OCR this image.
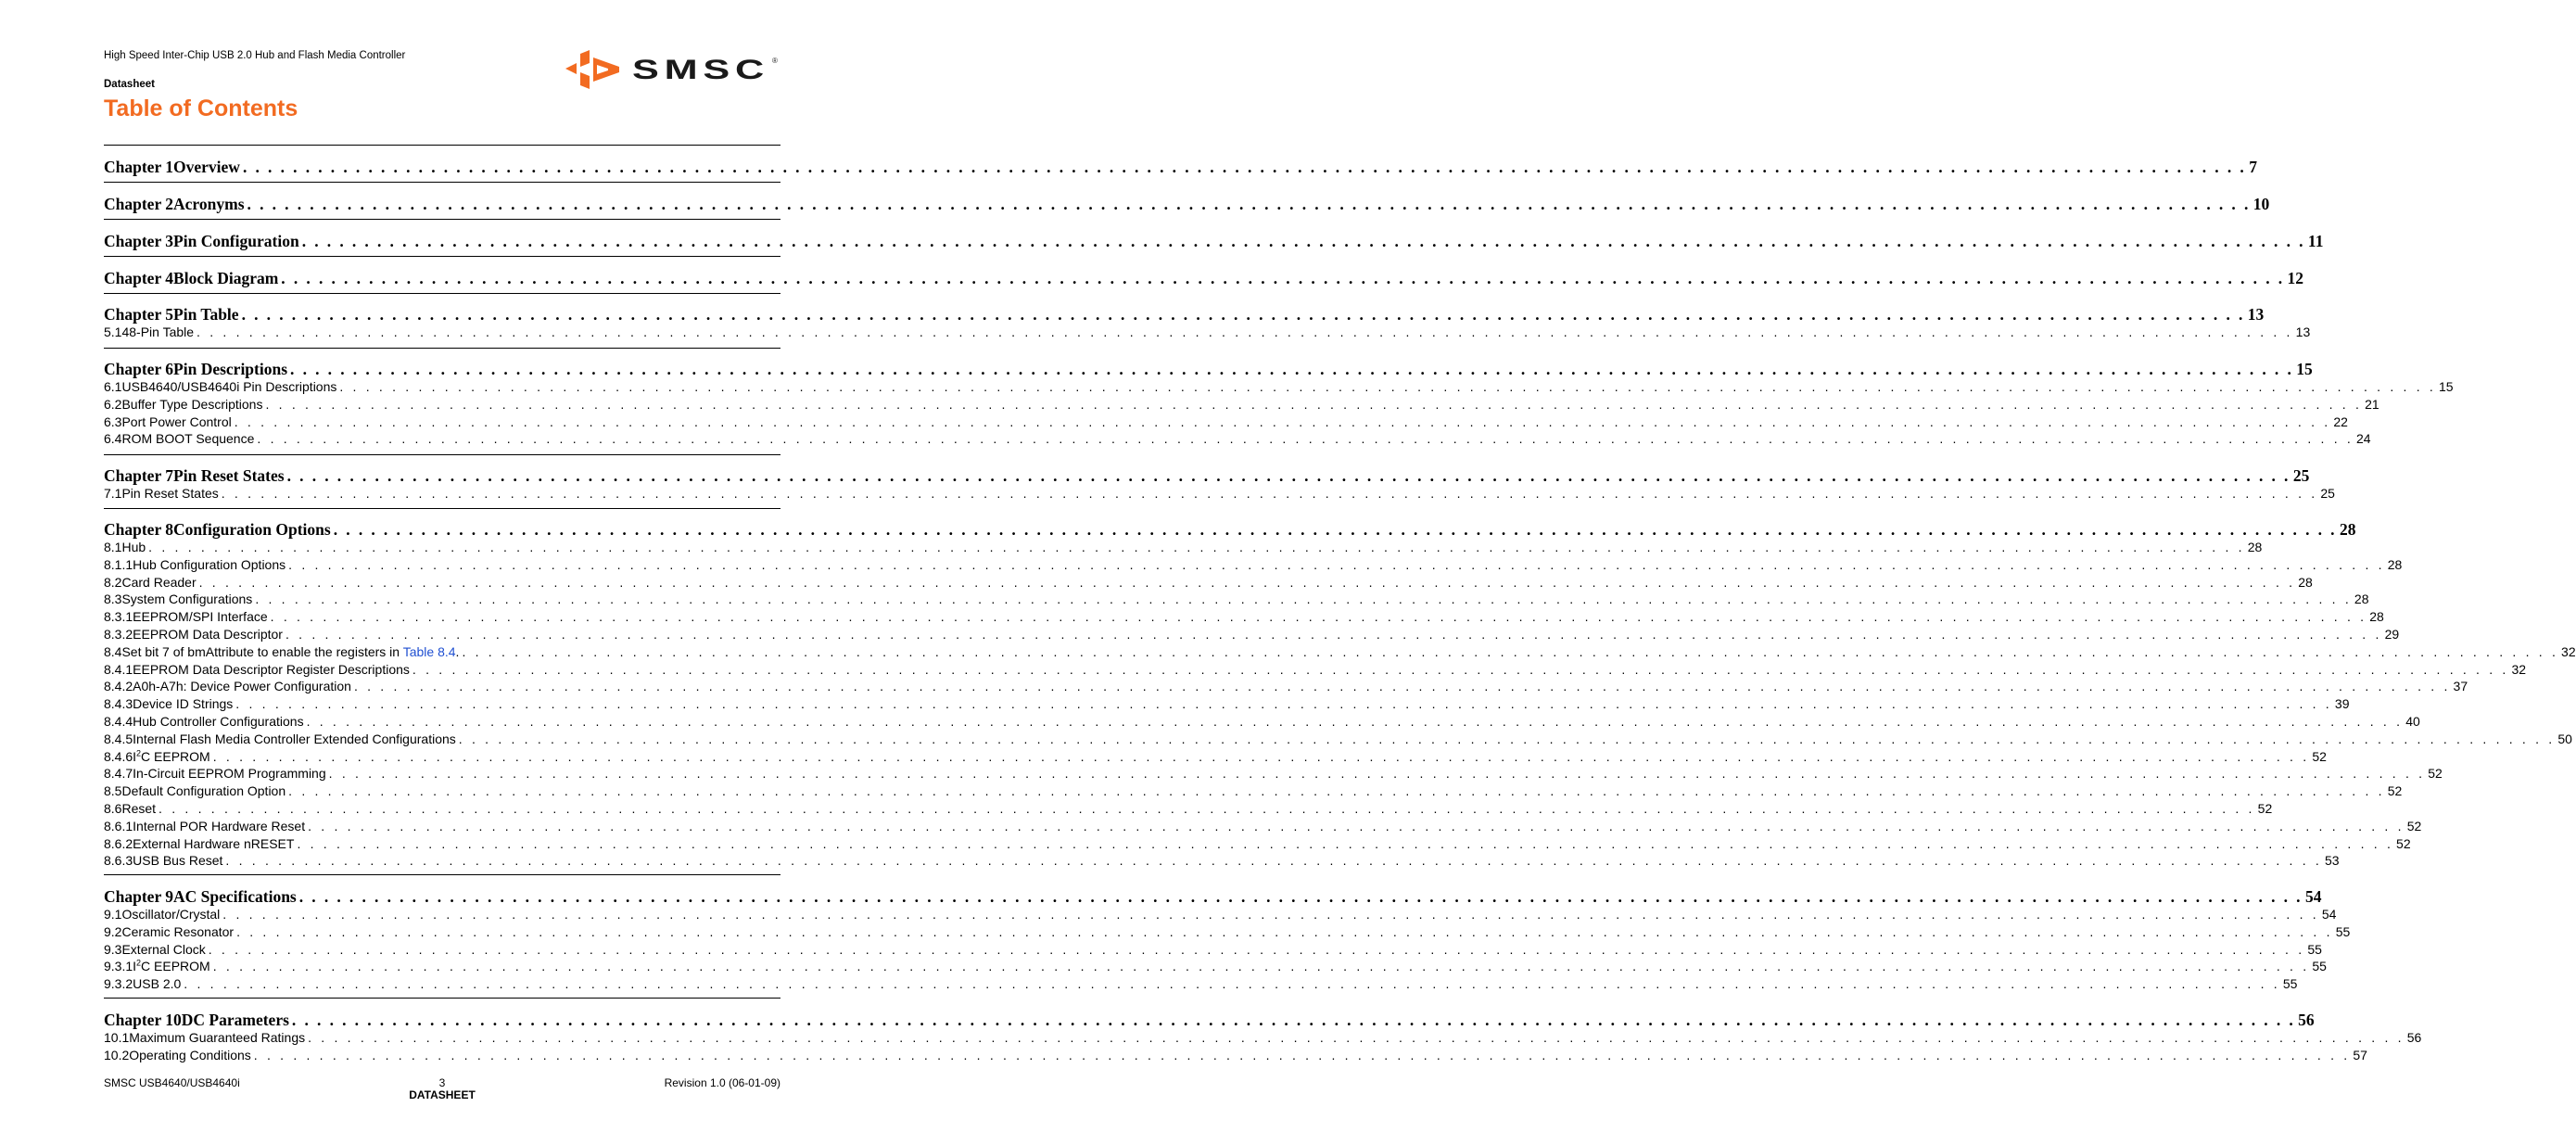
High Speed Inter-Chip USB 2.0 Hub and Flash Media Controller
Datasheet
Table of Contents
SMSC ®
Chapter 1 Overview . . . . . . . . . . . . . . . . . . . . . . . . . . . . . . . . . . . . . . . . . . . . . . . . . . . . . . . . . . . . . . . . . . . . . . . . . . . . . . . . . . . . . . . . . . . . . . . . . . . . . . . . . . . . . . . . . . . . . . . . . . . . . . . . . . . . . . . . . . . . . . . . . . . . . . . . . . . . . . . . 7
Chapter 2 Acronyms . . . . . . . . . . . . . . . . . . . . . . . . . . . . . . . . . . . . . . . . . . . . . . . . . . . . . . . . . . . . . . . . . . . . . . . . . . . . . . . . . . . . . . . . . . . . . . . . . . . . . . . . . . . . . . . . . . . . . . . . . . . . . . . . . . . . . . . . . . . . . . . . . . . . . . . . . . . . . . . . 10
Chapter 3 Pin Configuration . . . . . . . . . . . . . . . . . . . . . . . . . . . . . . . . . . . . . . . . . . . . . . . . . . . . . . . . . . . . . . . . . . . . . . . . . . . . . . . . . . . . . . . . . . . . . . . . . . . . . . . . . . . . . . . . . . . . . . . . . . . . . . . . . . . . . . . . . . . . . . . . . . . . . . . . . . . . . . . . 11
Chapter 4 Block Diagram . . . . . . . . . . . . . . . . . . . . . . . . . . . . . . . . . . . . . . . . . . . . . . . . . . . . . . . . . . . . . . . . . . . . . . . . . . . . . . . . . . . . . . . . . . . . . . . . . . . . . . . . . . . . . . . . . . . . . . . . . . . . . . . . . . . . . . . . . . . . . . . . . . . . . . . . . . . . . . . . 12
Chapter 5 Pin Table . . . . . . . . . . . . . . . . . . . . . . . . . . . . . . . . . . . . . . . . . . . . . . . . . . . . . . . . . . . . . . . . . . . . . . . . . . . . . . . . . . . . . . . . . . . . . . . . . . . . . . . . . . . . . . . . . . . . . . . . . . . . . . . . . . . . . . . . . . . . . . . . . . . . . . . . . . . . . . . . 13
5.1 48-Pin Table . . . . . . . . . . . . . . . . . . . . . . . . . . . . . . . . . . . . . . . . . . . . . . . . . . . . . . . . . . . . . . . . . . . . . . . . . . . . . . . . . . . . . . . . . . . . . . . . . . . . . . . . . . . . . . . . . . . . . . . . . . . . . . . . . . . . . . . . . . . . . . . . . . . . . . . . . . . . . . . . 13
Chapter 6 Pin Descriptions . . . . . . . . . . . . . . . . . . . . . . . . . . . . . . . . . . . . . . . . . . . . . . . . . . . . . . . . . . . . . . . . . . . . . . . . . . . . . . . . . . . . . . . . . . . . . . . . . . . . . . . . . . . . . . . . . . . . . . . . . . . . . . . . . . . . . . . . . . . . . . . . . . . . . . . . . . . . . . . . 15
6.1 USB4640/USB4640i Pin Descriptions . . . . . . . . . . . . . . . . . . . . . . . . . . . . . . . . . . . . . . . . . . . . . . . . . . . . . . . . . . . . . . . . . . . . . . . . . . . . . . . . . . . . . . . . . . . . . . . . . . . . . . . . . . . . . . . . . . . . . . . . . . . . . . . . . . . . . . . . . . . . . . . . . . . . . . . . . . . . . . . . 15
6.2 Buffer Type Descriptions . . . . . . . . . . . . . . . . . . . . . . . . . . . . . . . . . . . . . . . . . . . . . . . . . . . . . . . . . . . . . . . . . . . . . . . . . . . . . . . . . . . . . . . . . . . . . . . . . . . . . . . . . . . . . . . . . . . . . . . . . . . . . . . . . . . . . . . . . . . . . . . . . . . . . . . . . . . . . . . . 21
6.3 Port Power Control . . . . . . . . . . . . . . . . . . . . . . . . . . . . . . . . . . . . . . . . . . . . . . . . . . . . . . . . . . . . . . . . . . . . . . . . . . . . . . . . . . . . . . . . . . . . . . . . . . . . . . . . . . . . . . . . . . . . . . . . . . . . . . . . . . . . . . . . . . . . . . . . . . . . . . . . . . . . . . . . 22
6.4 ROM BOOT Sequence . . . . . . . . . . . . . . . . . . . . . . . . . . . . . . . . . . . . . . . . . . . . . . . . . . . . . . . . . . . . . . . . . . . . . . . . . . . . . . . . . . . . . . . . . . . . . . . . . . . . . . . . . . . . . . . . . . . . . . . . . . . . . . . . . . . . . . . . . . . . . . . . . . . . . . . . . . . . . . . . 24
Chapter 7 Pin Reset States . . . . . . . . . . . . . . . . . . . . . . . . . . . . . . . . . . . . . . . . . . . . . . . . . . . . . . . . . . . . . . . . . . . . . . . . . . . . . . . . . . . . . . . . . . . . . . . . . . . . . . . . . . . . . . . . . . . . . . . . . . . . . . . . . . . . . . . . . . . . . . . . . . . . . . . . . . . . . . . . 25
7.1 Pin Reset States . . . . . . . . . . . . . . . . . . . . . . . . . . . . . . . . . . . . . . . . . . . . . . . . . . . . . . . . . . . . . . . . . . . . . . . . . . . . . . . . . . . . . . . . . . . . . . . . . . . . . . . . . . . . . . . . . . . . . . . . . . . . . . . . . . . . . . . . . . . . . . . . . . . . . . . . . . . . . . . . 25
Chapter 8 Configuration Options . . . . . . . . . . . . . . . . . . . . . . . . . . . . . . . . . . . . . . . . . . . . . . . . . . . . . . . . . . . . . . . . . . . . . . . . . . . . . . . . . . . . . . . . . . . . . . . . . . . . . . . . . . . . . . . . . . . . . . . . . . . . . . . . . . . . . . . . . . . . . . . . . . . . . . . . . . . . . . . . 28
8.1 Hub . . . . . . . . . . . . . . . . . . . . . . . . . . . . . . . . . . . . . . . . . . . . . . . . . . . . . . . . . . . . . . . . . . . . . . . . . . . . . . . . . . . . . . . . . . . . . . . . . . . . . . . . . . . . . . . . . . . . . . . . . . . . . . . . . . . . . . . . . . . . . . . . . . . . . . . . . . . . . . . . 28
8.1.1 Hub Configuration Options . . . . . . . . . . . . . . . . . . . . . . . . . . . . . . . . . . . . . . . . . . . . . . . . . . . . . . . . . . . . . . . . . . . . . . . . . . . . . . . . . . . . . . . . . . . . . . . . . . . . . . . . . . . . . . . . . . . . . . . . . . . . . . . . . . . . . . . . . . . . . . . . . . . . . . . . . . . . . . . . 28
8.2 Card Reader . . . . . . . . . . . . . . . . . . . . . . . . . . . . . . . . . . . . . . . . . . . . . . . . . . . . . . . . . . . . . . . . . . . . . . . . . . . . . . . . . . . . . . . . . . . . . . . . . . . . . . . . . . . . . . . . . . . . . . . . . . . . . . . . . . . . . . . . . . . . . . . . . . . . . . . . . . . . . . . . 28
8.3 System Configurations . . . . . . . . . . . . . . . . . . . . . . . . . . . . . . . . . . . . . . . . . . . . . . . . . . . . . . . . . . . . . . . . . . . . . . . . . . . . . . . . . . . . . . . . . . . . . . . . . . . . . . . . . . . . . . . . . . . . . . . . . . . . . . . . . . . . . . . . . . . . . . . . . . . . . . . . . . . . . . . . 28
8.3.1 EEPROM/SPI Interface . . . . . . . . . . . . . . . . . . . . . . . . . . . . . . . . . . . . . . . . . . . . . . . . . . . . . . . . . . . . . . . . . . . . . . . . . . . . . . . . . . . . . . . . . . . . . . . . . . . . . . . . . . . . . . . . . . . . . . . . . . . . . . . . . . . . . . . . . . . . . . . . . . . . . . . . . . . . . . . . 28
8.3.2 EEPROM Data Descriptor . . . . . . . . . . . . . . . . . . . . . . . . . . . . . . . . . . . . . . . . . . . . . . . . . . . . . . . . . . . . . . . . . . . . . . . . . . . . . . . . . . . . . . . . . . . . . . . . . . . . . . . . . . . . . . . . . . . . . . . . . . . . . . . . . . . . . . . . . . . . . . . . . . . . . . . . . . . . . . . . 29
8.4 Set bit 7 of bmAttribute to enable the registers in Table 8.4. . . . . . . . . . . . . . . . . . . . . . . . . . . . . . . . . . . . . . . . . . . . . . . . . . . . . . . . . . . . . . . . . . . . . . . . . . . . . . . . . . . . . . . . . . . . . . . . . . . . . . . . . . . . . . . . . . . . . . . . . . . . . . . . . . . . . . . . . . . . . . . . . . . . . . . . . . . . . . . . . 32
8.4.1 EEPROM Data Descriptor Register Descriptions . . . . . . . . . . . . . . . . . . . . . . . . . . . . . . . . . . . . . . . . . . . . . . . . . . . . . . . . . . . . . . . . . . . . . . . . . . . . . . . . . . . . . . . . . . . . . . . . . . . . . . . . . . . . . . . . . . . . . . . . . . . . . . . . . . . . . . . . . . . . . . . . . . . . . . . . . . . . . . . . 32
8.4.2 A0h-A7h: Device Power Configuration . . . . . . . . . . . . . . . . . . . . . . . . . . . . . . . . . . . . . . . . . . . . . . . . . . . . . . . . . . . . . . . . . . . . . . . . . . . . . . . . . . . . . . . . . . . . . . . . . . . . . . . . . . . . . . . . . . . . . . . . . . . . . . . . . . . . . . . . . . . . . . . . . . . . . . . . . . . . . . . . 37
8.4.3 Device ID Strings . . . . . . . . . . . . . . . . . . . . . . . . . . . . . . . . . . . . . . . . . . . . . . . . . . . . . . . . . . . . . . . . . . . . . . . . . . . . . . . . . . . . . . . . . . . . . . . . . . . . . . . . . . . . . . . . . . . . . . . . . . . . . . . . . . . . . . . . . . . . . . . . . . . . . . . . . . . . . . . . 39
8.4.4 Hub Controller Configurations . . . . . . . . . . . . . . . . . . . . . . . . . . . . . . . . . . . . . . . . . . . . . . . . . . . . . . . . . . . . . . . . . . . . . . . . . . . . . . . . . . . . . . . . . . . . . . . . . . . . . . . . . . . . . . . . . . . . . . . . . . . . . . . . . . . . . . . . . . . . . . . . . . . . . . . . . . . . . . . . 40
8.4.5 Internal Flash Media Controller Extended Configurations . . . . . . . . . . . . . . . . . . . . . . . . . . . . . . . . . . . . . . . . . . . . . . . . . . . . . . . . . . . . . . . . . . . . . . . . . . . . . . . . . . . . . . . . . . . . . . . . . . . . . . . . . . . . . . . . . . . . . . . . . . . . . . . . . . . . . . . . . . . . . . . . . . . . . . . . . . . . . . . . 50
8.4.6 $I^2C$ EEPROM . . . . . . . . . . . . . . . . . . . . . . . . . . . . . . . . . . . . . . . . . . . . . . . . . . . . . . . . . . . . . . . . . . . . . . . . . . . . . . . . . . . . . . . . . . . . . . . . . . . . . . . . . . . . . . . . . . . . . . . . . . . . . . . . . . . . . . . . . . . . . . . . . . . . . . . . . . . . . . . . 52
8.4.7 In-Circuit EEPROM Programming . . . . . . . . . . . . . . . . . . . . . . . . . . . . . . . . . . . . . . . . . . . . . . . . . . . . . . . . . . . . . . . . . . . . . . . . . . . . . . . . . . . . . . . . . . . . . . . . . . . . . . . . . . . . . . . . . . . . . . . . . . . . . . . . . . . . . . . . . . . . . . . . . . . . . . . . . . . . . . . . 52
8.5 Default Configuration Option . . . . . . . . . . . . . . . . . . . . . . . . . . . . . . . . . . . . . . . . . . . . . . . . . . . . . . . . . . . . . . . . . . . . . . . . . . . . . . . . . . . . . . . . . . . . . . . . . . . . . . . . . . . . . . . . . . . . . . . . . . . . . . . . . . . . . . . . . . . . . . . . . . . . . . . . . . . . . . . . 52
8.6 Reset . . . . . . . . . . . . . . . . . . . . . . . . . . . . . . . . . . . . . . . . . . . . . . . . . . . . . . . . . . . . . . . . . . . . . . . . . . . . . . . . . . . . . . . . . . . . . . . . . . . . . . . . . . . . . . . . . . . . . . . . . . . . . . . . . . . . . . . . . . . . . . . . . . . . . . . . . . . . . . . . 52
8.6.1 Internal POR Hardware Reset . . . . . . . . . . . . . . . . . . . . . . . . . . . . . . . . . . . . . . . . . . . . . . . . . . . . . . . . . . . . . . . . . . . . . . . . . . . . . . . . . . . . . . . . . . . . . . . . . . . . . . . . . . . . . . . . . . . . . . . . . . . . . . . . . . . . . . . . . . . . . . . . . . . . . . . . . . . . . . . . 52
8.6.2 External Hardware nRESET . . . . . . . . . . . . . . . . . . . . . . . . . . . . . . . . . . . . . . . . . . . . . . . . . . . . . . . . . . . . . . . . . . . . . . . . . . . . . . . . . . . . . . . . . . . . . . . . . . . . . . . . . . . . . . . . . . . . . . . . . . . . . . . . . . . . . . . . . . . . . . . . . . . . . . . . . . . . . . . . 52
8.6.3 USB Bus Reset . . . . . . . . . . . . . . . . . . . . . . . . . . . . . . . . . . . . . . . . . . . . . . . . . . . . . . . . . . . . . . . . . . . . . . . . . . . . . . . . . . . . . . . . . . . . . . . . . . . . . . . . . . . . . . . . . . . . . . . . . . . . . . . . . . . . . . . . . . . . . . . . . . . . . . . . . . . . . . . . 53
Chapter 9 AC Specifications . . . . . . . . . . . . . . . . . . . . . . . . . . . . . . . . . . . . . . . . . . . . . . . . . . . . . . . . . . . . . . . . . . . . . . . . . . . . . . . . . . . . . . . . . . . . . . . . . . . . . . . . . . . . . . . . . . . . . . . . . . . . . . . . . . . . . . . . . . . . . . . . . . . . . . . . . . . . . . . . 54
9.1 Oscillator/Crystal . . . . . . . . . . . . . . . . . . . . . . . . . . . . . . . . . . . . . . . . . . . . . . . . . . . . . . . . . . . . . . . . . . . . . . . . . . . . . . . . . . . . . . . . . . . . . . . . . . . . . . . . . . . . . . . . . . . . . . . . . . . . . . . . . . . . . . . . . . . . . . . . . . . . . . . . . . . . . . . . 54
9.2 Ceramic Resonator . . . . . . . . . . . . . . . . . . . . . . . . . . . . . . . . . . . . . . . . . . . . . . . . . . . . . . . . . . . . . . . . . . . . . . . . . . . . . . . . . . . . . . . . . . . . . . . . . . . . . . . . . . . . . . . . . . . . . . . . . . . . . . . . . . . . . . . . . . . . . . . . . . . . . . . . . . . . . . . . 55
9.3 External Clock . . . . . . . . . . . . . . . . . . . . . . . . . . . . . . . . . . . . . . . . . . . . . . . . . . . . . . . . . . . . . . . . . . . . . . . . . . . . . . . . . . . . . . . . . . . . . . . . . . . . . . . . . . . . . . . . . . . . . . . . . . . . . . . . . . . . . . . . . . . . . . . . . . . . . . . . . . . . . . . . 55
9.3.1 $I^2C$ EEPROM . . . . . . . . . . . . . . . . . . . . . . . . . . . . . . . . . . . . . . . . . . . . . . . . . . . . . . . . . . . . . . . . . . . . . . . . . . . . . . . . . . . . . . . . . . . . . . . . . . . . . . . . . . . . . . . . . . . . . . . . . . . . . . . . . . . . . . . . . . . . . . . . . . . . . . . . . . . . . . . . 55
9.3.2 USB 2.0 . . . . . . . . . . . . . . . . . . . . . . . . . . . . . . . . . . . . . . . . . . . . . . . . . . . . . . . . . . . . . . . . . . . . . . . . . . . . . . . . . . . . . . . . . . . . . . . . . . . . . . . . . . . . . . . . . . . . . . . . . . . . . . . . . . . . . . . . . . . . . . . . . . . . . . . . . . . . . . . . 55
Chapter 10 DC Parameters . . . . . . . . . . . . . . . . . . . . . . . . . . . . . . . . . . . . . . . . . . . . . . . . . . . . . . . . . . . . . . . . . . . . . . . . . . . . . . . . . . . . . . . . . . . . . . . . . . . . . . . . . . . . . . . . . . . . . . . . . . . . . . . . . . . . . . . . . . . . . . . . . . . . . . . . . . . . . . . . 56
10.1 Maximum Guaranteed Ratings . . . . . . . . . . . . . . . . . . . . . . . . . . . . . . . . . . . . . . . . . . . . . . . . . . . . . . . . . . . . . . . . . . . . . . . . . . . . . . . . . . . . . . . . . . . . . . . . . . . . . . . . . . . . . . . . . . . . . . . . . . . . . . . . . . . . . . . . . . . . . . . . . . . . . . . . . . . . . . . . 56
10.2 Operating Conditions . . . . . . . . . . . . . . . . . . . . . . . . . . . . . . . . . . . . . . . . . . . . . . . . . . . . . . . . . . . . . . . . . . . . . . . . . . . . . . . . . . . . . . . . . . . . . . . . . . . . . . . . . . . . . . . . . . . . . . . . . . . . . . . . . . . . . . . . . . . . . . . . . . . . . . . . . . . . . . . . 57
SMSC USB4640/USB4640i	3
DATASHEET
Revision 1.0 (06-01-09)
